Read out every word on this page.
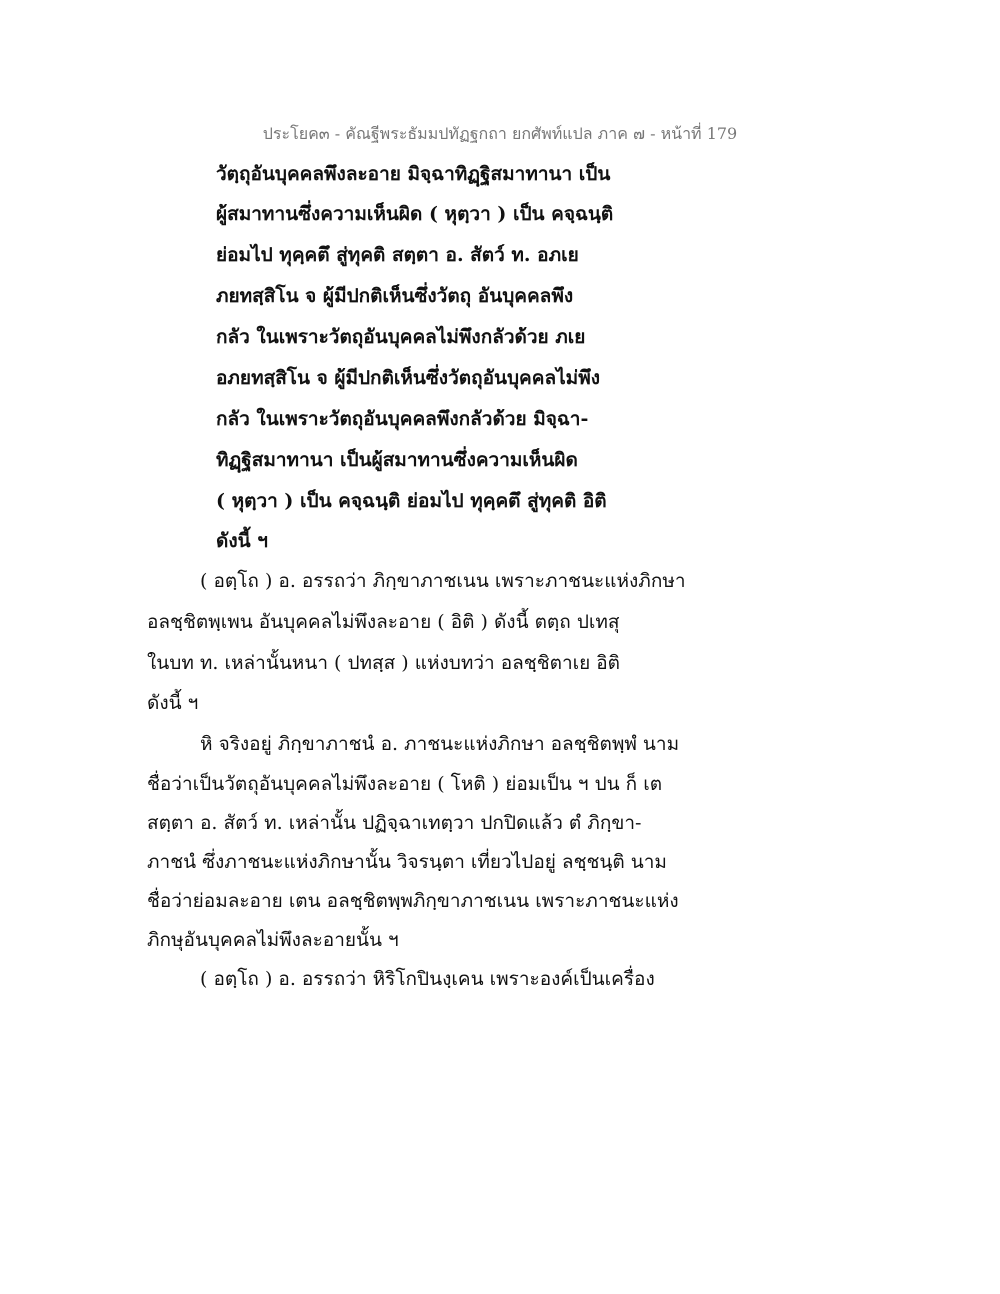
ประโยค๓ - คัณฐีพระธัมมปทัฏฐกถา ยกศัพท์แปล ภาค ๗ - หน้าที่ 179
วัตฺถุอันบุคคลพึงละอาย มิจฺฉาทิฏฺฐิสมาทานา เป็น
ผู้สมาทานซึ่งความเห็นผิด ( หุตฺวา ) เป็น คจฺฉนฺติ
ย่อมไป ทุคฺคตึ สู่ทุคติ สตฺตา อ. สัตว์ ท. อภเย
ภยทสฺสิโน จ ผู้มีปกติเห็นซึ่งวัตถุ อันบุคคลพึง
กลัว ในเพราะวัตถุอันบุคคลไม่พึงกลัวด้วย ภเย
อภยทสฺสิโน จ ผู้มีปกติเห็นซึ่งวัตถุอันบุคคลไม่พึง
กลัว ในเพราะวัตถุอันบุคคลพึงกลัวด้วย มิจฺฉา-
ทิฏฺฐิสมาทานา เป็นผู้สมาทานซึ่งความเห็นผิด
( หุตฺวา ) เป็น คจฺฉนฺติ ย่อมไป ทุคฺคตึ สู่ทุคติ อิติ
ดังนี้ ฯ
( อตฺโถ ) อ. อรรถว่า ภิกฺขาภาชเนน เพราะภาชนะแห่งภิกษา
อลชฺชิตพฺเพน อันบุคคลไม่พึงละอาย ( อิติ ) ดังนี้ ตตฺถ ปเทสุ
ในบท ท. เหล่านั้นหนา ( ปทสฺส ) แห่งบทว่า อลชฺชิตาเย อิติ
ดังนี้ ฯ
หิ จริงอยู่ ภิกฺขาภาชนํ อ. ภาชนะแห่งภิกษา อลชฺชิตพฺพํ นาม
ชื่อว่าเป็นวัตถุอันบุคคลไม่พึงละอาย ( โหติ ) ย่อมเป็น ฯ ปน ก็ เต
สตฺตา อ. สัตว์ ท. เหล่านั้น ปฏิจฺฉาเทตฺวา ปกปิดแล้ว ตํ ภิกฺขา-
ภาชนํ ซึ่งภาชนะแห่งภิกษานั้น วิจรนฺตา เที่ยวไปอยู่ ลชฺชนฺติ นาม
ชื่อว่าย่อมละอาย เตน อลชฺชิตพฺพภิกฺขาภาชเนน เพราะภาชนะแห่ง
ภิกษุอันบุคคลไม่พึงละอายนั้น ฯ
( อตฺโถ ) อ. อรรถว่า หิริโกปินงฺเคน เพราะองค์เป็นเครื่อง
